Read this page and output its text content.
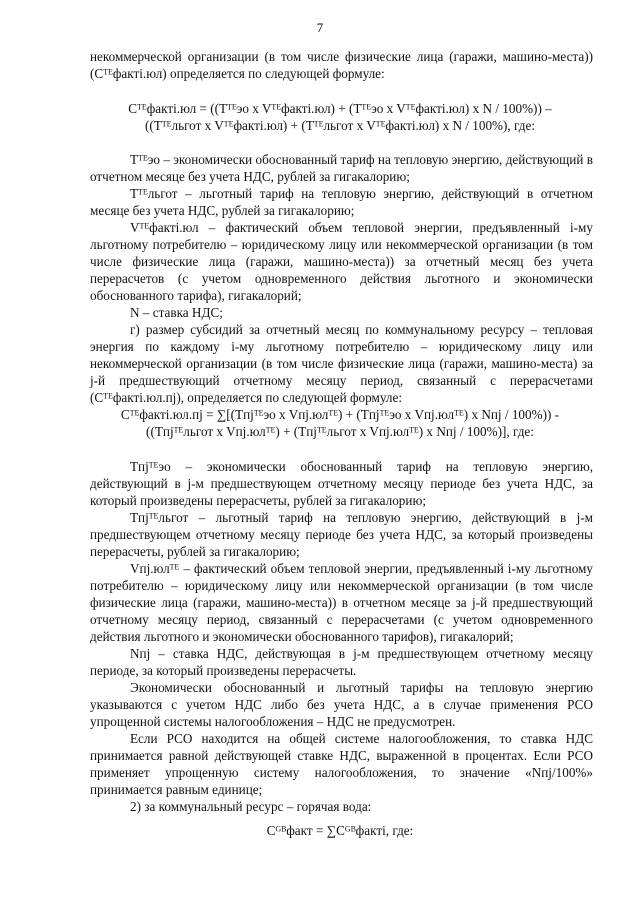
7

некоммерческой организации (в том числе физические лица (гаражи, машино-места)) (Cᵀᴱфакті.юл) определяется по следующей формуле:

Cᵀᴱфакті.юл = ((Tᵀᴱэо x Vᵀᴱфакті.юл) + (Tᵀᴱэо x Vᵀᴱфакті.юл) x N / 100%)) –
((Tᵀᴱльгот x Vᵀᴱфакті.юл) + (Tᵀᴱльгот x Vᵀᴱфакті.юл) x N / 100%), где:

Tᵀᴱэо – экономически обоснованный тариф на тепловую энергию, действующий в отчетном месяце без учета НДС, рублей за гигакалорию;

Tᵀᴱльгот – льготный тариф на тепловую энергию, действующий в отчетном месяце без учета НДС, рублей за гигакалорию;

Vᵀᴱфакті.юл – фактический объем тепловой энергии, предъявленный i-му льготному потребителю – юридическому лицу или некоммерческой организации (в том числе физические лица (гаражи, машино-места)) за отчетный месяц без учета перерасчетов (с учетом одновременного действия льготного и экономически обоснованного тарифа), гигакалорий;

N – ставка НДС;

г) размер субсидий за отчетный месяц по коммунальному ресурсу – тепловая энергия по каждому i-му льготному потребителю – юридическому лицу или некоммерческой организации (в том числе физические лица (гаражи, машино-места) за j-й предшествующий отчетному месяцу период, связанный с перерасчетами (Cᵀᴱфакті.юл.пj), определяется по следующей формуле:

Cᵀᴱфакті.юл.пj = ∑[(Tпjᵀᴱэо x Vпj.юлᵀᴱ) + (Tпjᵀᴱэо x Vпj.юлᵀᴱ) x Nпj / 100%)) -
((Tпjᵀᴱльгот x Vпj.юлᵀᴱ) + (Tпjᵀᴱльгот x Vпj.юлᵀᴱ) x Nпj / 100%)], где:

Tпjᵀᴱэо – экономически обоснованный тариф на тепловую энергию, действующий в j-м предшествующем отчетному месяцу периоде без учета НДС, за который произведены перерасчеты, рублей за гигакалорию;

Tпjᵀᴱльгот – льготный тариф на тепловую энергию, действующий в j-м предшествующем отчетному месяцу периоде без учета НДС, за который произведены перерасчеты, рублей за гигакалорию;

Vпj.юлᵀᴱ – фактический объем тепловой энергии, предъявленный i-му льготному потребителю – юридическому лицу или некоммерческой организации (в том числе физические лица (гаражи, машино-места)) в отчетном месяце за j-й предшествующий отчетному месяцу период, связанный с перерасчетами (с учетом одновременного действия льготного и экономически обоснованного тарифов), гигакалорий;

Nпj – ставка НДС, действующая в j-м предшествующем отчетному месяцу периоде, за который произведены перерасчеты.

Экономически обоснованный и льготный тарифы на тепловую энергию указываются с учетом НДС либо без учета НДС, а в случае применения РСО упрощенной системы налогообложения – НДС не предусмотрен.

Если РСО находится на общей системе налогообложения, то ставка НДС принимается равной действующей ставке НДС, выраженной в процентах. Если РСО применяет упрощенную систему налогообложения, то значение «Nпj/100%» принимается равным единице;

2) за коммунальный ресурс – горячая вода:

Cᴳᴮфакт = ∑Cᴳᴮфакті, где:
